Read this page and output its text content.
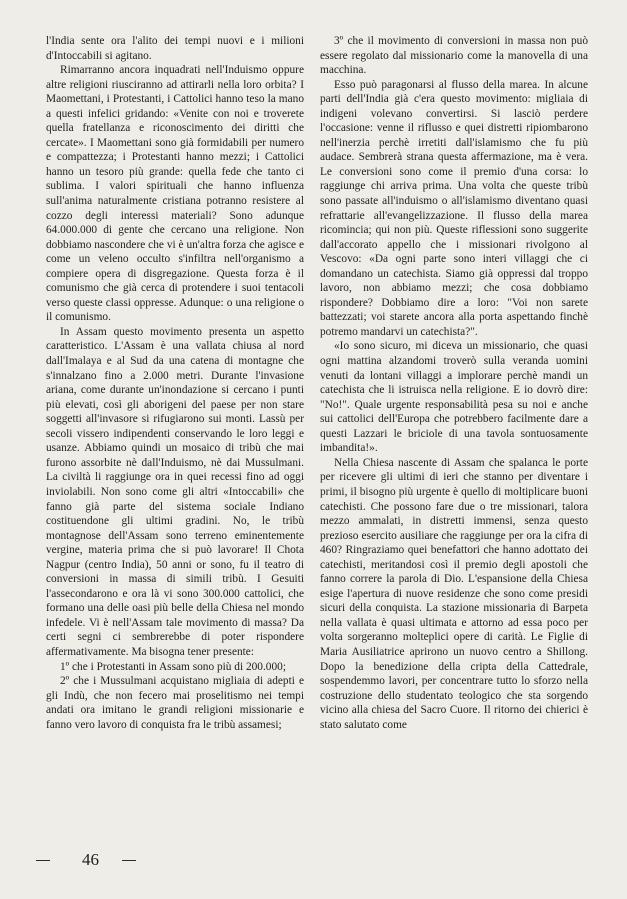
l'India sente ora l'alito dei tempi nuovi e i milioni d'Intoccabili si agitano.

Rimarranno ancora inquadrati nell'Induismo oppure altre religioni riusciranno ad attirarli nella loro orbita? I Maomettani, i Protestanti, i Cattolici hanno teso la mano a questi infelici gridando: «Venite con noi e troverete quella fratellanza e riconoscimento dei diritti che cercate». I Maomettani sono già formidabili per numero e compattezza; i Protestanti hanno mezzi; i Cattolici hanno un tesoro più grande: quella fede che tanto ci sublima. I valori spirituali che hanno influenza sull'anima naturalmente cristiana potranno resistere al cozzo degli interessi materiali? Sono adunque 64.000.000 di gente che cercano una religione. Non dobbiamo nascondere che vi è un'altra forza che agisce e come un veleno occulto s'infiltra nell'organismo a compiere opera di disgregazione. Questa forza è il comunismo che già cerca di protendere i suoi tentacoli verso queste classi oppresse. Adunque: o una religione o il comunismo.

In Assam questo movimento presenta un aspetto caratteristico. L'Assam è una vallata chiusa al nord dall'Imalaya e al Sud da una catena di montagne che s'innalzano fino a 2.000 metri. Durante l'invasione ariana, come durante un'inondazione si cercano i punti più elevati, così gli aborigeni del paese per non stare soggetti all'invasore si rifugiarono sui monti. Lassù per secoli vissero indipendenti conservando le loro leggi e usanze. Abbiamo quindi un mosaico di tribù che mai furono assorbite nè dall'Induismo, nè dai Mussulmani. La civiltà li raggiunge ora in quei recessi fino ad oggi inviolabili. Non sono come gli altri «Intoccabili» che fanno già parte del sistema sociale Indiano costituendone gli ultimi gradini. No, le tribù montagnose dell'Assam sono terreno eminentemente vergine, materia prima che si può lavorare! Il Chota Nagpur (centro India), 50 anni or sono, fu il teatro di conversioni in massa di simili tribù. I Gesuiti l'assecondarono e ora là vi sono 300.000 cattolici, che formano una delle oasi più belle della Chiesa nel mondo infedele. Vi è nell'Assam tale movimento di massa? Da certi segni ci sembrerebbe di poter rispondere affermativamente. Ma bisogna tener presente:

1º che i Protestanti in Assam sono più di 200.000;

2º che i Mussulmani acquistano migliaia di adepti e gli Indù, che non fecero mai proselitismo nei tempi andati ora imitano le grandi religioni missionarie e fanno vero lavoro di conquista fra le tribù assamesi;

3º che il movimento di conversioni in massa non può essere regolato dal missionario come la manovella di una macchina.

Esso può paragonarsi al flusso della marea. In alcune parti dell'India già c'era questo movimento: migliaia di indigeni volevano convertirsi. Si lasciò perdere l'occasione: venne il riflusso e quei distretti ripiombarono nell'inerzia perchè irretiti dall'islamismo che fu più audace. Sembrerà strana questa affermazione, ma è vera. Le conversioni sono come il premio d'una corsa: lo raggiunge chi arriva prima. Una volta che queste tribù sono passate all'induismo o all'islamismo diventano quasi refrattarie all'evangelizzazione. Il flusso della marea ricomincia; qui non più. Queste riflessioni sono suggerite dall'accorato appello che i missionari rivolgono al Vescovo: «Da ogni parte sono interi villaggi che ci domandano un catechista. Siamo già oppressi dal troppo lavoro, non abbiamo mezzi; che cosa dobbiamo rispondere? Dobbiamo dire a loro: "Voi non sarete battezzati; voi starete ancora alla porta aspettando finchè potremo mandarvi un catechista?".

«Io sono sicuro, mi diceva un missionario, che quasi ogni mattina alzandomi troverò sulla veranda uomini venuti da lontani villaggi a implorare perchè mandi un catechista che li istruisca nella religione. E io dovrò dire: "No!". Quale urgente responsabilità pesa su noi e anche sui cattolici dell'Europa che potrebbero facilmente dare a questi Lazzari le briciole di una tavola sontuosamente imbandita!».

Nella Chiesa nascente di Assam che spalanca le porte per ricevere gli ultimi di ieri che stanno per diventare i primi, il bisogno più urgente è quello di moltiplicare buoni catechisti. Che possono fare due o tre missionari, talora mezzo ammalati, in distretti immensi, senza questo prezioso esercito ausiliare che raggiunge per ora la cifra di 460? Ringraziamo quei benefattori che hanno adottato dei catechisti, meritandosi così il premio degli apostoli che fanno correre la parola di Dio. L'espansione della Chiesa esige l'apertura di nuove residenze che sono come presidi sicuri della conquista. La stazione missionaria di Barpeta nella vallata è quasi ultimata e attorno ad essa poco per volta sorgeranno molteplici opere di carità. Le Figlie di Maria Ausiliatrice aprirono un nuovo centro a Shillong. Dopo la benedizione della cripta della Cattedrale, sospendemmo lavori, per concentrare tutto lo sforzo nella costruzione dello studentato teologico che sta sorgendo vicino alla chiesa del Sacro Cuore. Il ritorno dei chierici è stato salutato come

46
